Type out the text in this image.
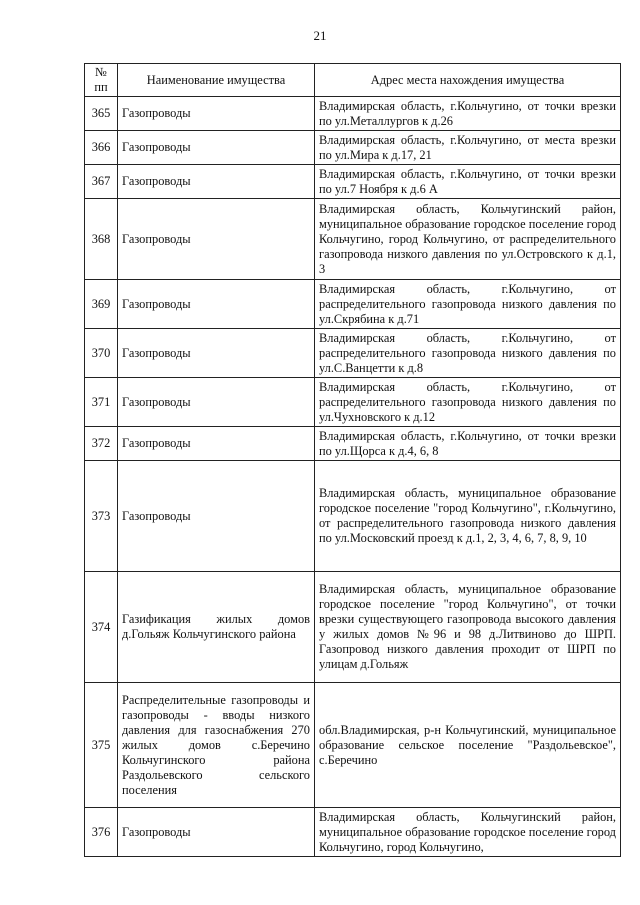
21
№ пп	Наименование имущества	Адрес места нахождения имущества
365	Газопроводы	Владимирская область, г.Кольчугино, от точки врезки по ул.Металлургов к д.26
366	Газопроводы	Владимирская область, г.Кольчугино, от места врезки по ул.Мира к д.17, 21
367	Газопроводы	Владимирская область, г.Кольчугино, от точки врезки по ул.7 Ноября к д.6 А
368	Газопроводы	Владимирская область, Кольчугинский район, муниципальное образование городское поселение город Кольчугино, город Кольчугино, от распределительного газопровода низкого давления по ул.Островского к д.1, 3
369	Газопроводы	Владимирская область, г.Кольчугино, от распределительного газопровода низкого давления по ул.Скрябина к д.71
370	Газопроводы	Владимирская область, г.Кольчугино, от распределительного газопровода низкого давления по ул.С.Ванцетти к д.8
371	Газопроводы	Владимирская область, г.Кольчугино, от распределительного газопровода низкого давления по ул.Чухновского к д.12
372	Газопроводы	Владимирская область, г.Кольчугино, от точки врезки по ул.Щорса к д.4, 6, 8
373	Газопроводы	Владимирская область, муниципальное образование городское поселение "город Кольчугино", г.Кольчугино, от распределительного газопровода низкого давления по ул.Московский проезд к д.1, 2, 3, 4, 6, 7, 8, 9, 10
374	Газификация жилых домов д.Гольяж Кольчугинского района	Владимирская область, муниципальное образование городское поселение "город Кольчугино", от точки врезки существующего газопровода высокого давления у жилых домов №96 и 98 д.Литвиново до ШРП. Газопровод низкого давления проходит от ШРП по улицам д.Гольяж
375	Распределительные газопроводы и газопроводы - вводы низкого давления для газоснабжения 270 жилых домов с.Беречино Кольчугинского района Раздольевского сельского поселения	обл.Владимирская, р-н Кольчугинский, муниципальное образование сельское поселение "Раздольевское", с.Беречино
376	Газопроводы	Владимирская область, Кольчугинский район, муниципальное образование городское поселение город Кольчугино, город Кольчугино,
